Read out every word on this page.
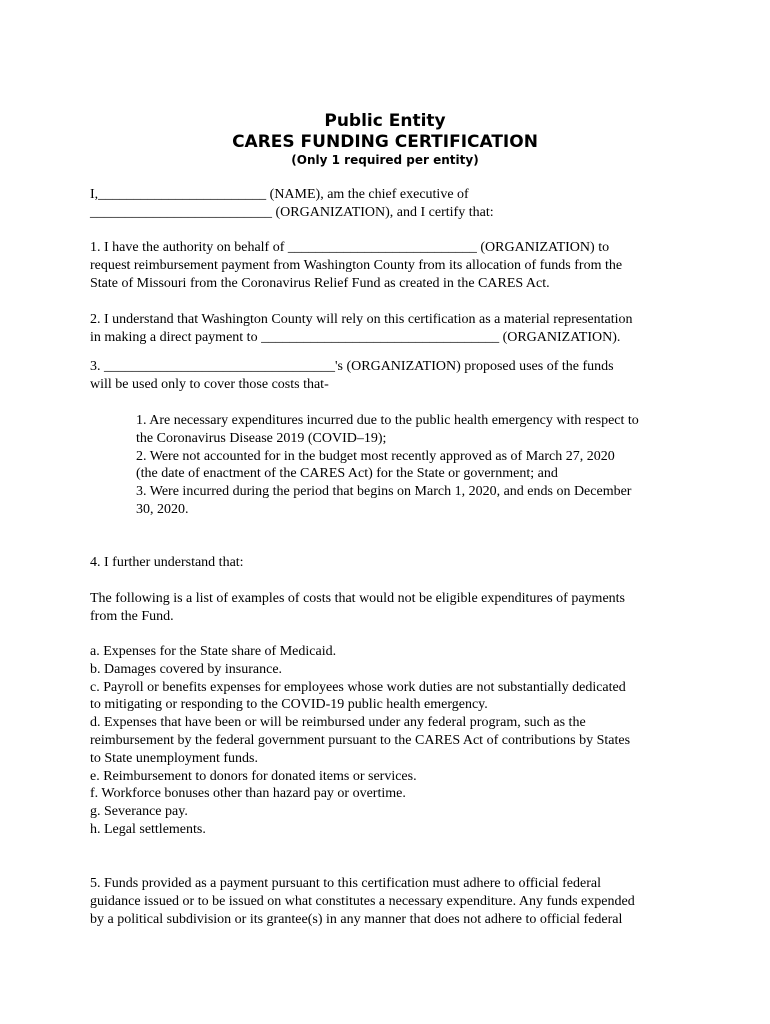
Public Entity
CARES FUNDING CERTIFICATION
(Only 1 required per entity)

I,________________________ (NAME), am the chief executive of

__________________________ (ORGANIZATION), and I certify that:

1. I have the authority on behalf of ___________________________ (ORGANIZATION) to

request reimbursement payment from Washington County from its allocation of funds from the

State of Missouri from the Coronavirus Relief Fund as created in the CARES Act.

2. I understand that Washington County will rely on this certification as a material representation

in making a direct payment to __________________________________ (ORGANIZATION).

3. _________________________________'s (ORGANIZATION) proposed uses of the funds

will be used only to cover those costs that-

1. Are necessary expenditures incurred due to the public health emergency with respect to

the Coronavirus Disease 2019 (COVID–19);

2. Were not accounted for in the budget most recently approved as of March 27, 2020

(the date of enactment of the CARES Act) for the State or government; and

3. Were incurred during the period that begins on March 1, 2020, and ends on December

30, 2020.

4. I further understand that:

The following is a list of examples of costs that would not be eligible expenditures of payments

from the Fund.

a. Expenses for the State share of Medicaid.

b. Damages covered by insurance.

c. Payroll or benefits expenses for employees whose work duties are not substantially dedicated

to mitigating or responding to the COVID-19 public health emergency.

d. Expenses that have been or will be reimbursed under any federal program, such as the

reimbursement by the federal government pursuant to the CARES Act of contributions by States

to State unemployment funds.

e. Reimbursement to donors for donated items or services.

f. Workforce bonuses other than hazard pay or overtime.

g. Severance pay.

h. Legal settlements.

5. Funds provided as a payment pursuant to this certification must adhere to official federal

guidance issued or to be issued on what constitutes a necessary expenditure. Any funds expended

by a political subdivision or its grantee(s) in any manner that does not adhere to official federal
